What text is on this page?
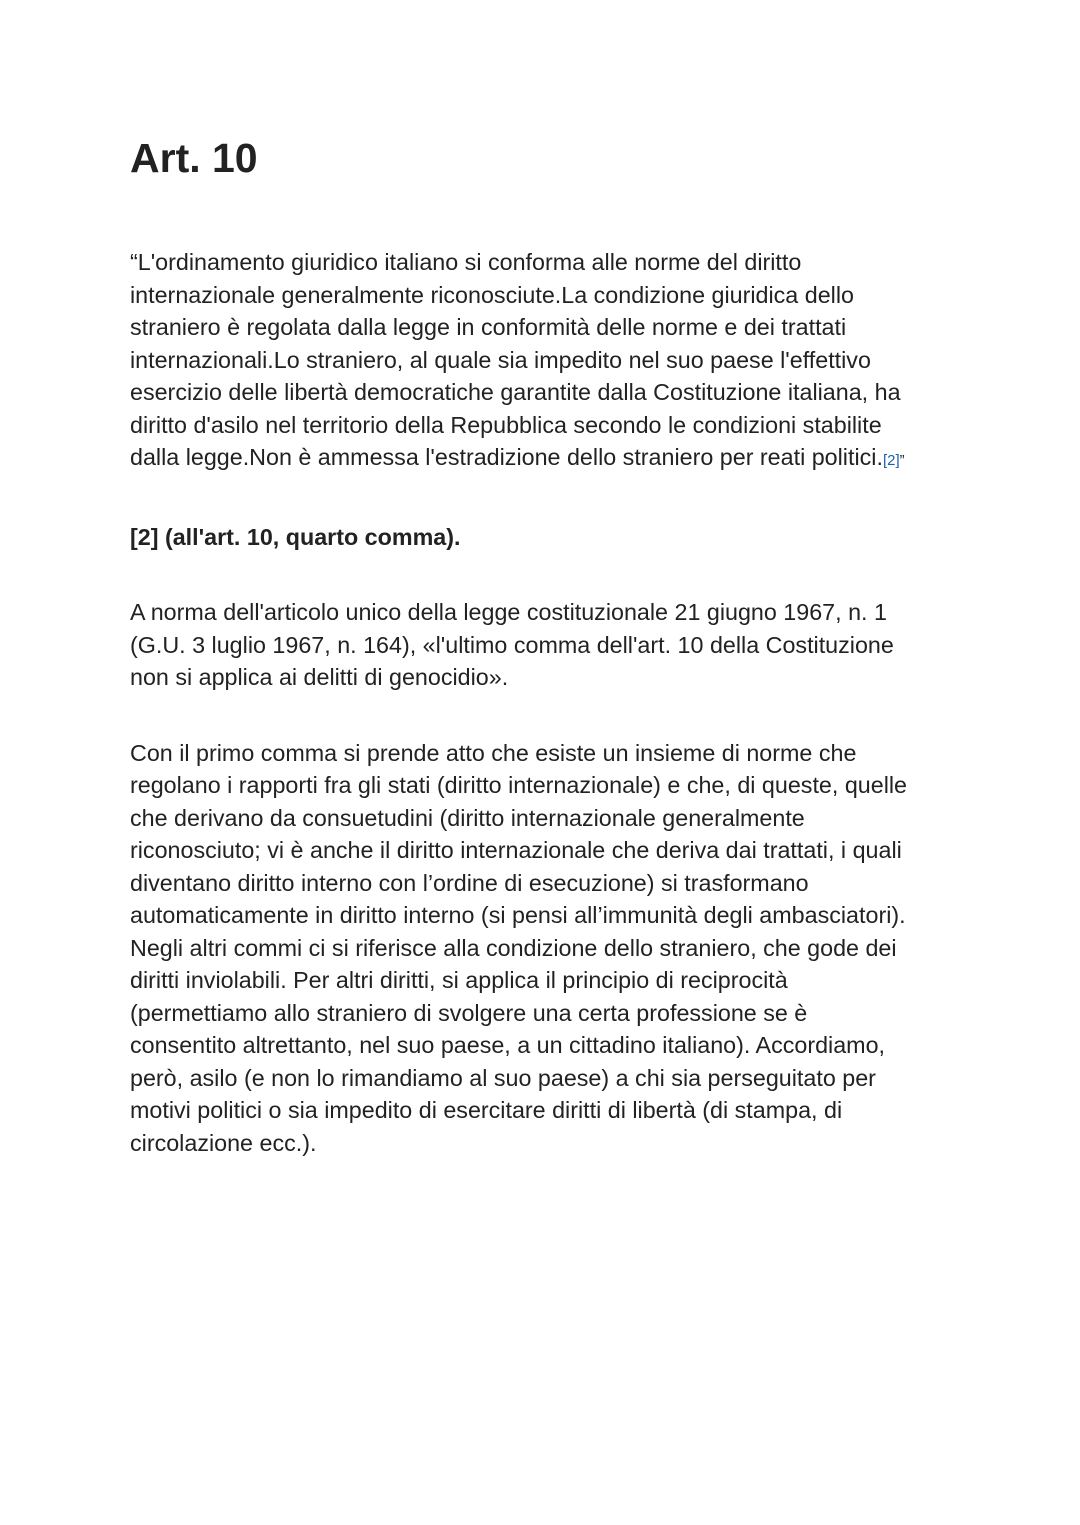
Art. 10

“L'ordinamento giuridico italiano si conforma alle norme del diritto
internazionale generalmente riconosciute.La condizione giuridica dello
straniero è regolata dalla legge in conformità delle norme e dei trattati
internazionali.Lo straniero, al quale sia impedito nel suo paese l'effettivo
esercizio delle libertà democratiche garantite dalla Costituzione italiana, ha
diritto d'asilo nel territorio della Repubblica secondo le condizioni stabilite
dalla legge.Non è ammessa l'estradizione dello straniero per reati politici.[2]”

[2] (all'art. 10, quarto comma).

A norma dell'articolo unico della legge costituzionale 21 giugno 1967, n. 1
(G.U. 3 luglio 1967, n. 164), «l'ultimo comma dell'art. 10 della Costituzione
non si applica ai delitti di genocidio».

Con il primo comma si prende atto che esiste un insieme di norme che
regolano i rapporti fra gli stati (diritto internazionale) e che, di queste, quelle
che derivano da consuetudini (diritto internazionale generalmente
riconosciuto; vi è anche il diritto internazionale che deriva dai trattati, i quali
diventano diritto interno con l’ordine di esecuzione) si trasformano
automaticamente in diritto interno (si pensi all’immunità degli ambasciatori).
Negli altri commi ci si riferisce alla condizione dello straniero, che gode dei
diritti inviolabili. Per altri diritti, si applica il principio di reciprocità
(permettiamo allo straniero di svolgere una certa professione se è
consentito altrettanto, nel suo paese, a un cittadino italiano). Accordiamo,
però, asilo (e non lo rimandiamo al suo paese) a chi sia perseguitato per
motivi politici o sia impedito di esercitare diritti di libertà (di stampa, di
circolazione ecc.).
